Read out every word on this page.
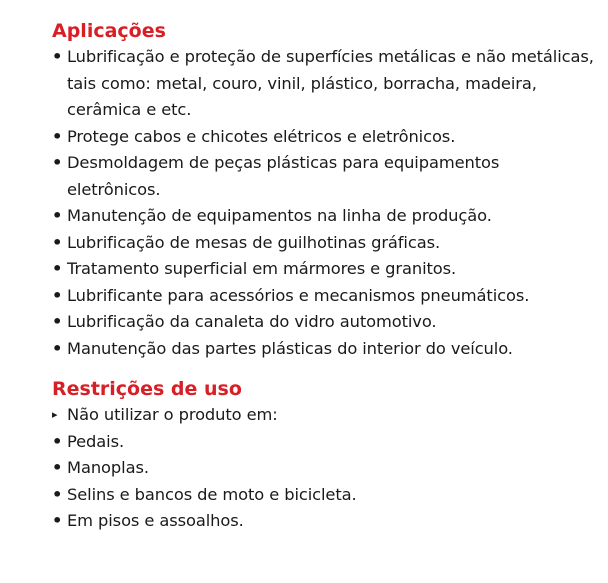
Aplicações
• Lubrificação e proteção de superfícies metálicas e não metálicas, tais como: metal, couro, vinil, plástico, borracha, madeira, cerâmica e etc.
• Protege cabos e chicotes elétricos e eletrônicos.
• Desmoldagem de peças plásticas para equipamentos eletrônicos.
• Manutenção de equipamentos na linha de produção.
• Lubrificação de mesas de guilhotinas gráficas.
• Tratamento superficial em mármores e granitos.
• Lubrificante para acessórios e mecanismos pneumáticos.
• Lubrificação da canaleta do vidro automotivo.
• Manutenção das partes plásticas do interior do veículo.
Restrições de uso
▸ Não utilizar o produto em:
• Pedais.
• Manoplas.
• Selins e bancos de moto e bicicleta.
• Em pisos e assoalhos.
